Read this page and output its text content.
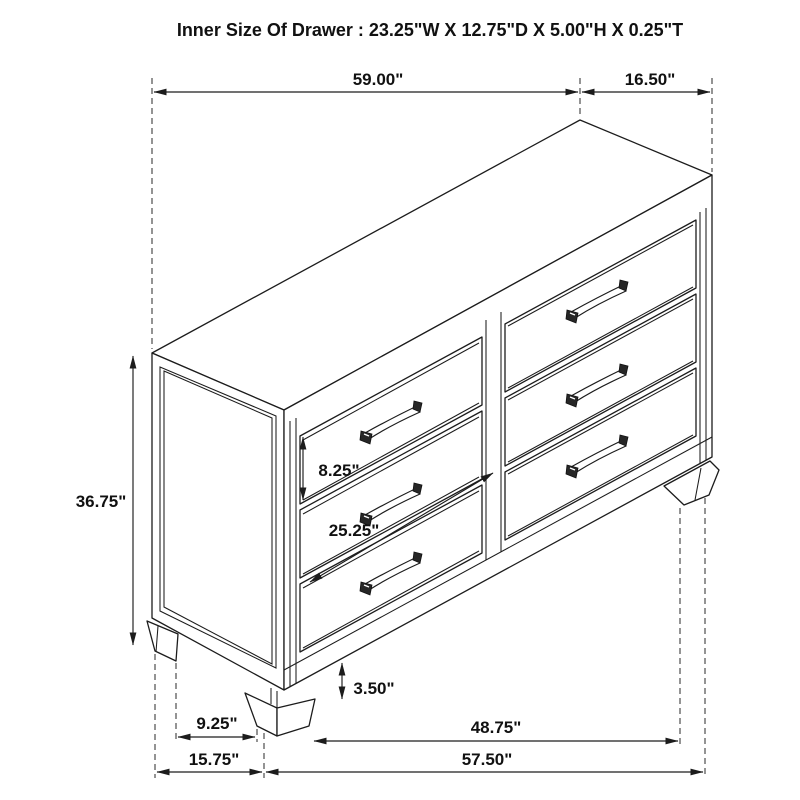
Inner Size Of Drawer : 23.25"W X 12.75"D X 5.00"H X 0.25"T
59.00"	16.50"
36.75"
8.25"
25.25"
3.50"
9.25"
15.75"
48.75"
57.50"
